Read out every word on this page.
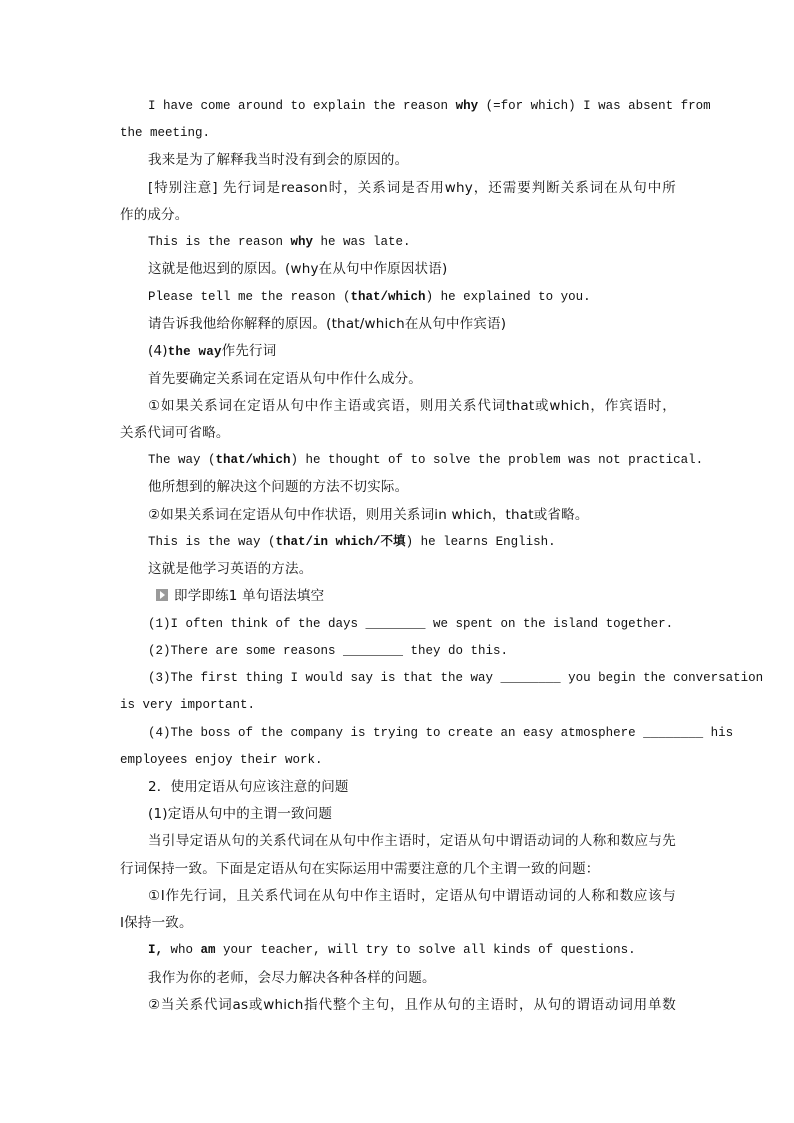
I have come around to explain the reason why (=for which) I was absent from
the meeting.
我来是为了解释我当时没有到会的原因的。
[特别注意] 先行词是reason时，关系词是否用why，还需要判断关系词在从句中所
作的成分。
This is the reason why he was late.
这就是他迟到的原因。(why在从句中作原因状语)
Please tell me the reason (that/which) he explained to you.
请告诉我他给你解释的原因。(that/which在从句中作宾语)
(4)the way作先行词
首先要确定关系词在定语从句中作什么成分。
①如果关系词在定语从句中作主语或宾语，则用关系代词that或which，作宾语时，
关系代词可省略。
The way (that/which) he thought of to solve the problem was not practical.
他所想到的解决这个问题的方法不切实际。
②如果关系词在定语从句中作状语，则用关系词in which，that或省略。
This is the way (that/in which/不填) he learns English.
这就是他学习英语的方法。
即学即练1 单句语法填空
(1)I often think of the days ________ we spent on the island together.
(2)There are some reasons ________ they do this.
(3)The first thing I would say is that the way ________ you begin the conversation
is very important.
(4)The boss of the company is trying to create an easy atmosphere ________ his
employees enjoy their work.
2．使用定语从句应该注意的问题
(1)定语从句中的主谓一致问题
当引导定语从句的关系代词在从句中作主语时，定语从句中谓语动词的人称和数应与先
行词保持一致。下面是定语从句在实际运用中需要注意的几个主谓一致的问题：
①I作先行词，且关系代词在从句中作主语时，定语从句中谓语动词的人称和数应该与
I保持一致。
I, who am your teacher, will try to solve all kinds of questions.
我作为你的老师，会尽力解决各种各样的问题。
②当关系代词as或which指代整个主句，且作从句的主语时，从句的谓语动词用单数
